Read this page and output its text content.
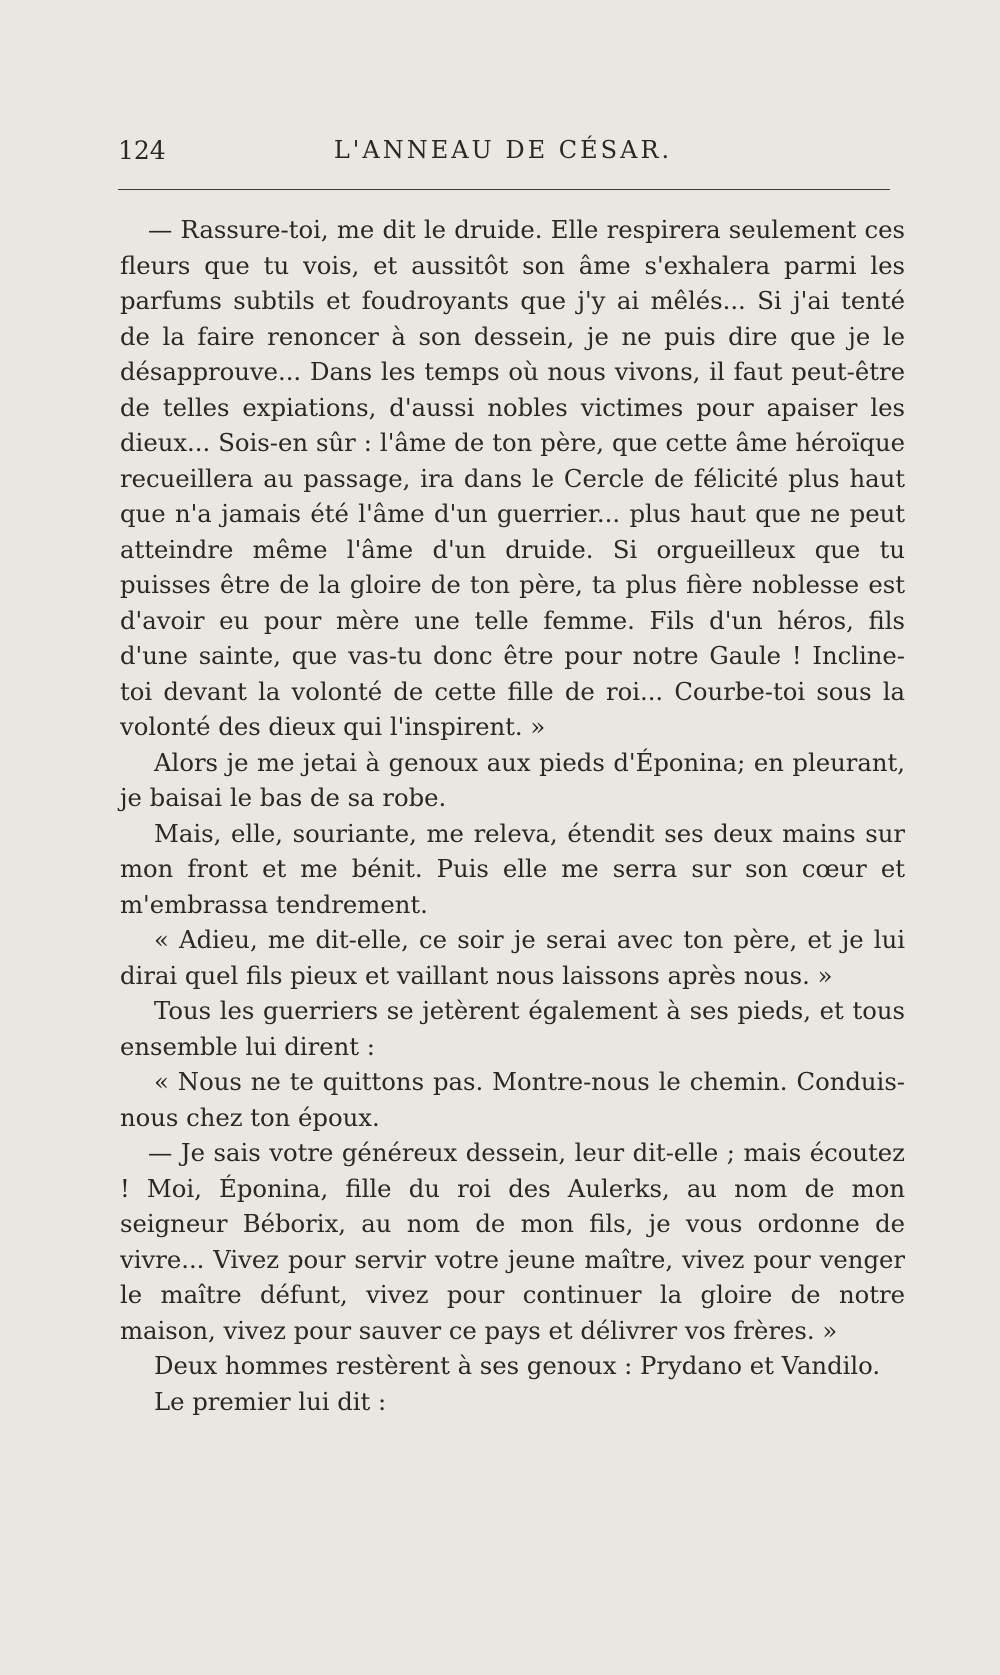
124	L'ANNEAU DE CÉSAR.

— Rassure-toi, me dit le druide. Elle respirera seulement ces fleurs que tu vois, et aussitôt son âme s'exhalera parmi les parfums subtils et foudroyants que j'y ai mêlés... Si j'ai tenté de la faire renoncer à son dessein, je ne puis dire que je le désapprouve... Dans les temps où nous vivons, il faut peut-être de telles expiations, d'aussi nobles victimes pour apaiser les dieux... Sois-en sûr : l'âme de ton père, que cette âme héroïque recueillera au passage, ira dans le Cercle de félicité plus haut que n'a jamais été l'âme d'un guerrier... plus haut que ne peut atteindre même l'âme d'un druide. Si orgueilleux que tu puisses être de la gloire de ton père, ta plus fière noblesse est d'avoir eu pour mère une telle femme. Fils d'un héros, fils d'une sainte, que vas-tu donc être pour notre Gaule ! Incline-toi devant la volonté de cette fille de roi... Courbe-toi sous la volonté des dieux qui l'inspirent. »

Alors je me jetai à genoux aux pieds d'Éponina; en pleurant, je baisai le bas de sa robe.

Mais, elle, souriante, me releva, étendit ses deux mains sur mon front et me bénit. Puis elle me serra sur son cœur et m'embrassa tendrement.

« Adieu, me dit-elle, ce soir je serai avec ton père, et je lui dirai quel fils pieux et vaillant nous laissons après nous. »

Tous les guerriers se jetèrent également à ses pieds, et tous ensemble lui dirent :

« Nous ne te quittons pas. Montre-nous le chemin. Conduis-nous chez ton époux.

— Je sais votre généreux dessein, leur dit-elle ; mais écoutez ! Moi, Éponina, fille du roi des Aulerks, au nom de mon seigneur Béborix, au nom de mon fils, je vous ordonne de vivre... Vivez pour servir votre jeune maître, vivez pour venger le maître défunt, vivez pour continuer la gloire de notre maison, vivez pour sauver ce pays et délivrer vos frères. »

Deux hommes restèrent à ses genoux : Prydano et Vandilo.

Le premier lui dit :
